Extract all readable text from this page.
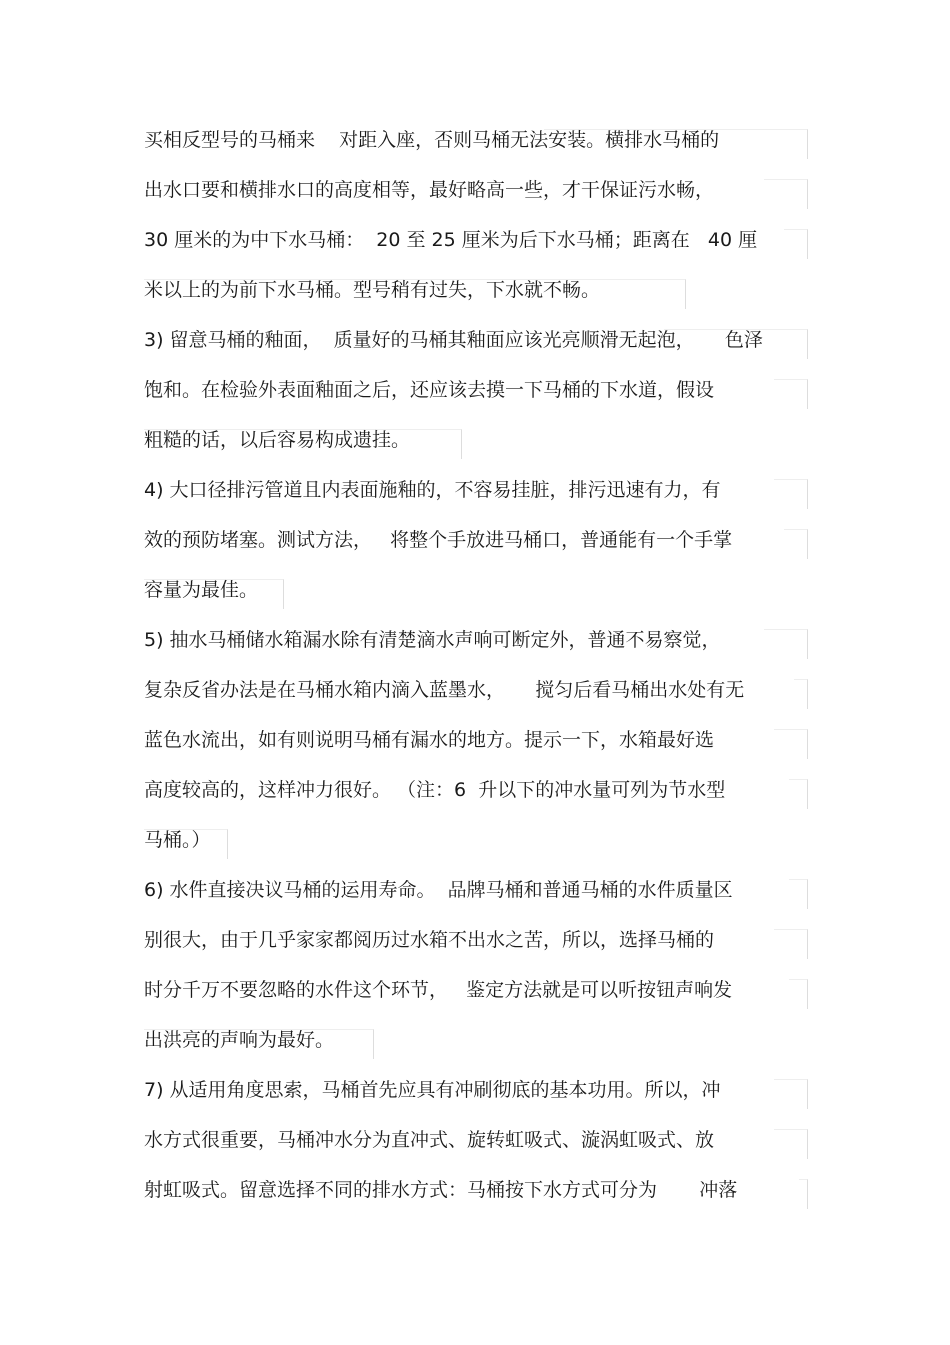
买相反型号的马桶来    对距入座，否则马桶无法安装。横排水马桶的
出水口要和横排水口的高度相等，最好略高一些，才干保证污水畅，
30 厘米的为中下水马桶：  20 至 25 厘米为后下水马桶；距离在   40 厘
米以上的为前下水马桶。型号稍有过失，下水就不畅。
3) 留意马桶的釉面，  质量好的马桶其釉面应该光亮顺滑无起泡，     色泽
饱和。在检验外表面釉面之后，还应该去摸一下马桶的下水道，假设
粗糙的话，以后容易构成遗挂。
4) 大口径排污管道且内表面施釉的，不容易挂脏，排污迅速有力，有
效的预防堵塞。测试方法，   将整个手放进马桶口，普通能有一个手掌
容量为最佳。
5) 抽水马桶储水箱漏水除有清楚滴水声响可断定外，普通不易察觉，
复杂反省办法是在马桶水箱内滴入蓝墨水，     搅匀后看马桶出水处有无
蓝色水流出，如有则说明马桶有漏水的地方。提示一下，水箱最好选
高度较高的，这样冲力很好。 （注：6  升以下的冲水量可列为节水型
马桶。）
6) 水件直接决议马桶的运用寿命。  品牌马桶和普通马桶的水件质量区
别很大，由于几乎家家都阅历过水箱不出水之苦，所以，选择马桶的
时分千万不要忽略的水件这个环节，   鉴定方法就是可以听按钮声响发
出洪亮的声响为最好。
7) 从适用角度思索，马桶首先应具有冲刷彻底的基本功用。所以，冲
水方式很重要，马桶冲水分为直冲式、旋转虹吸式、漩涡虹吸式、放
射虹吸式。留意选择不同的排水方式：马桶按下水方式可分为       冲落
